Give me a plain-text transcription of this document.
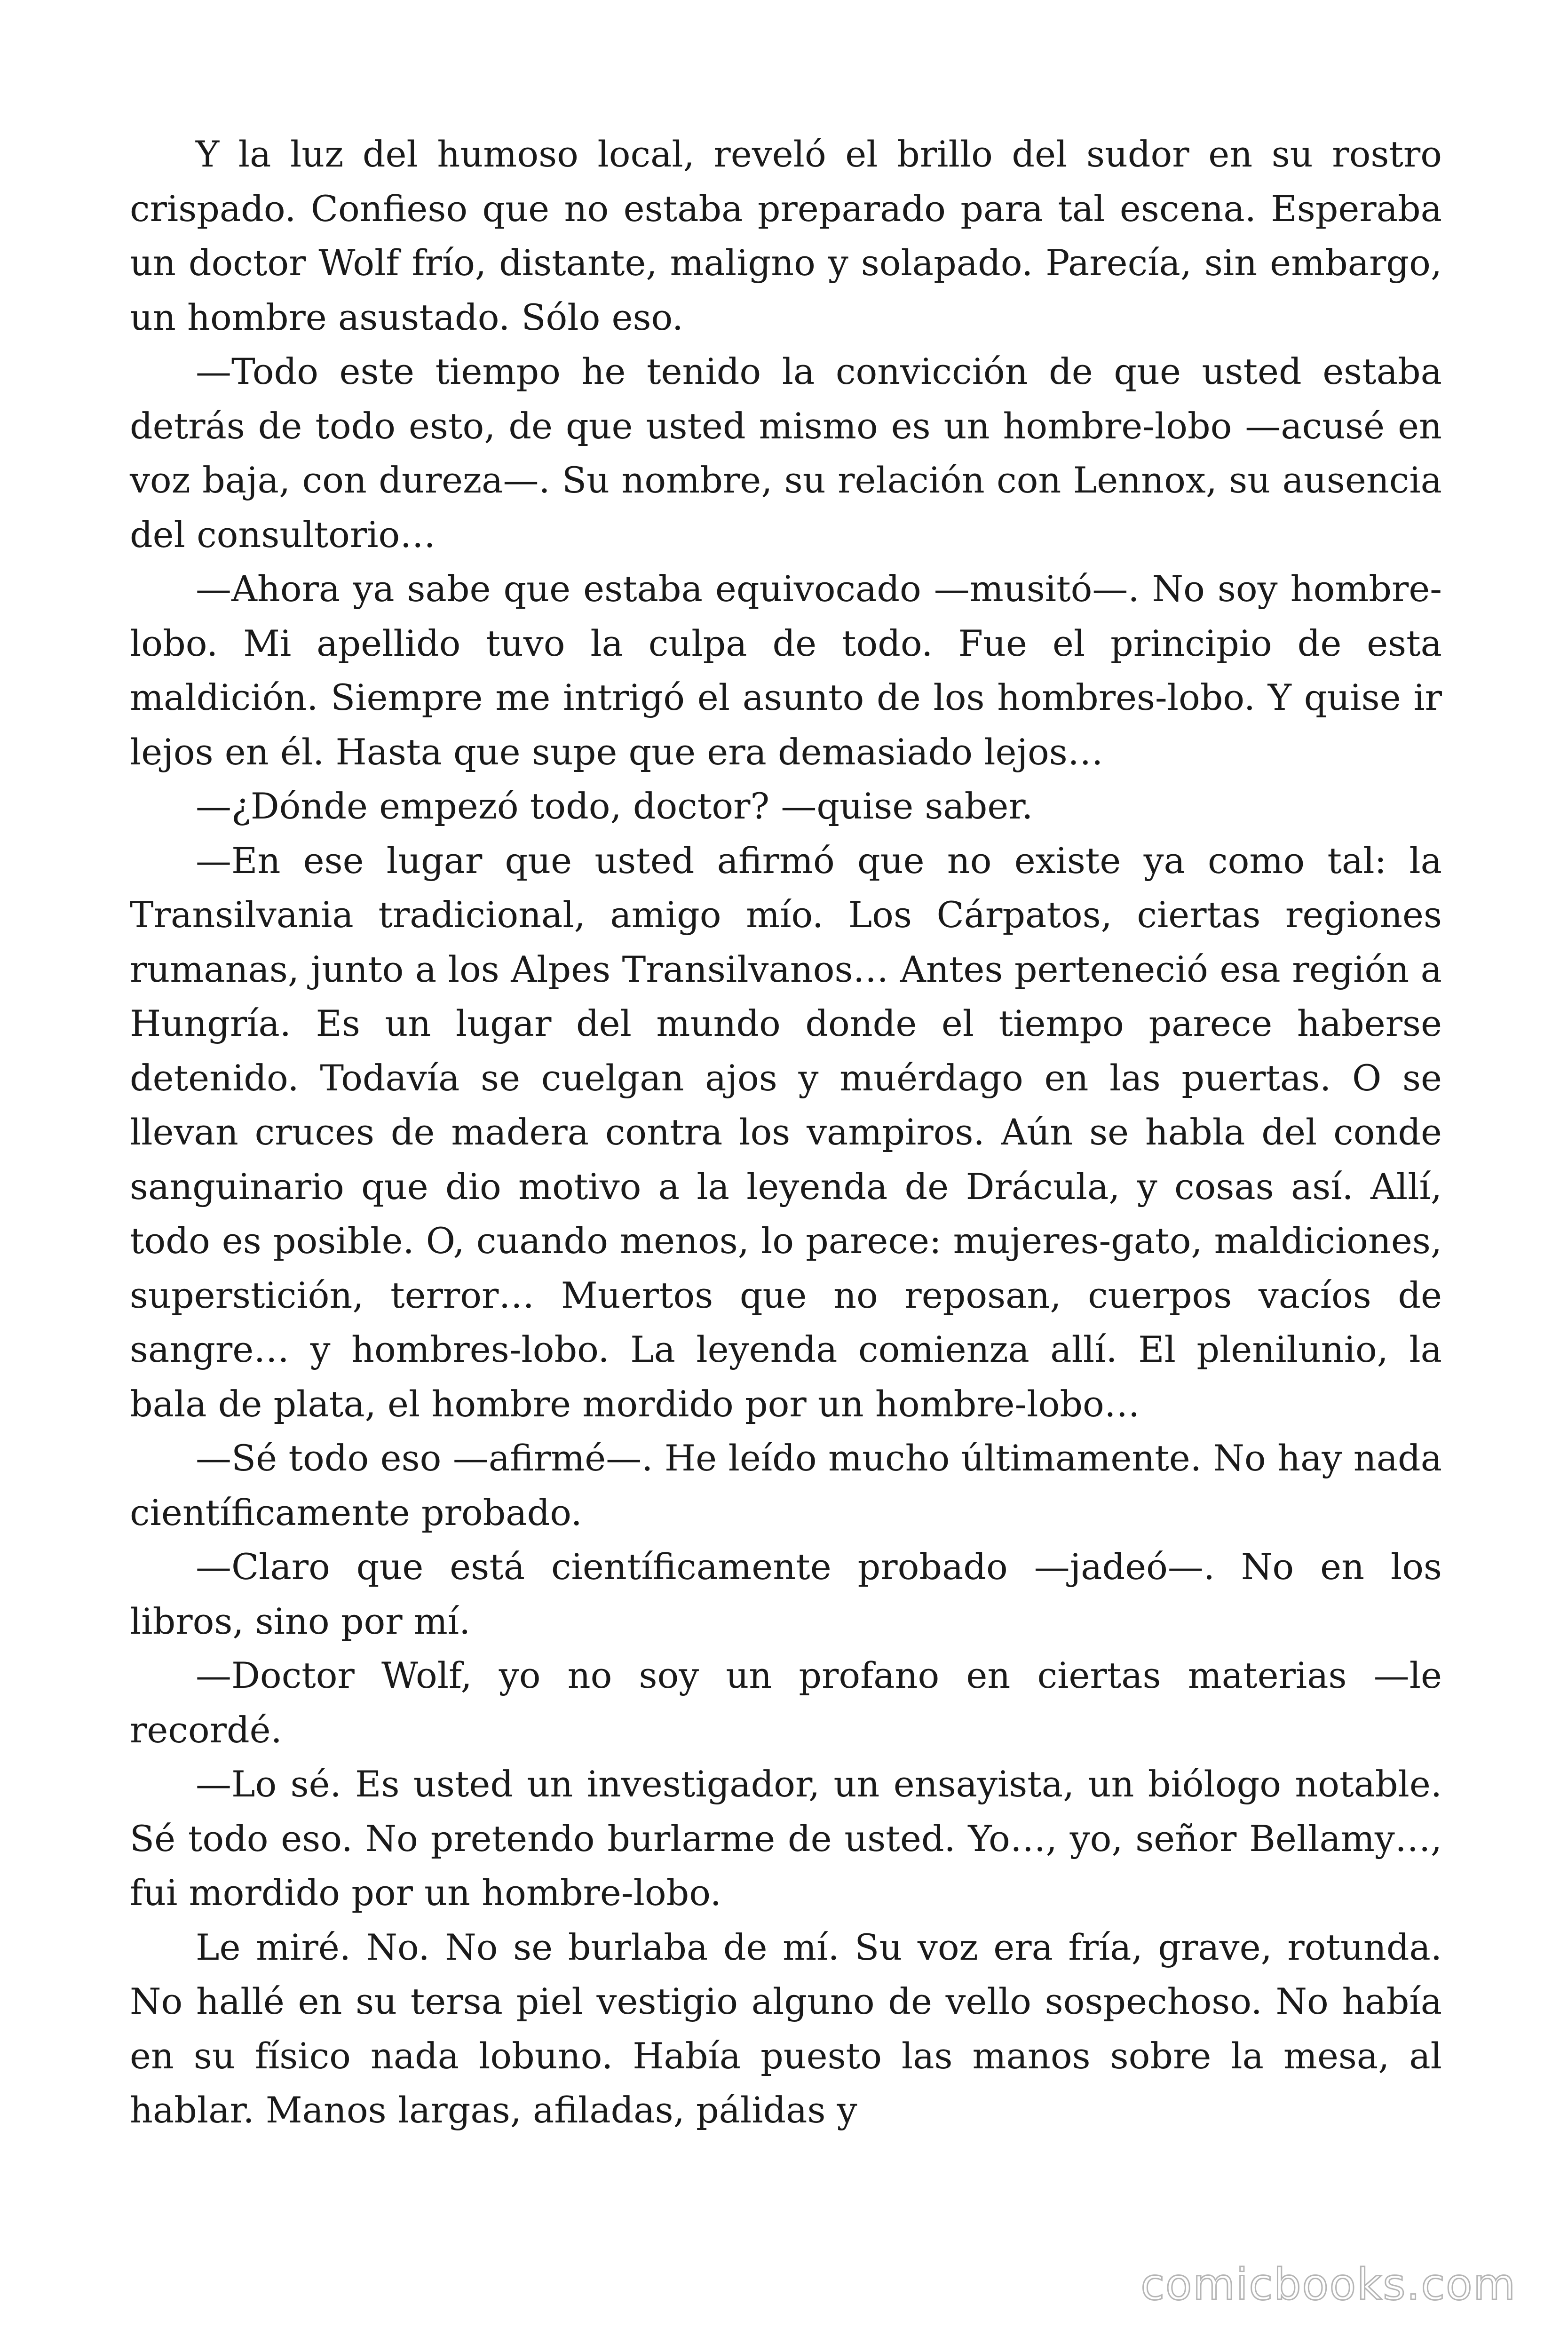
Y la luz del humoso local, reveló el brillo del sudor en su rostro crispado. Confieso que no estaba preparado para tal escena. Esperaba un doctor Wolf frío, distante, maligno y solapado. Parecía, sin embargo, un hombre asustado. Sólo eso.

—Todo este tiempo he tenido la convicción de que usted estaba detrás de todo esto, de que usted mismo es un hombre-lobo —acusé en voz baja, con dureza—. Su nombre, su relación con Lennox, su ausencia del consultorio…

—Ahora ya sabe que estaba equivocado —musitó—. No soy hombre-lobo. Mi apellido tuvo la culpa de todo. Fue el principio de esta maldición. Siempre me intrigó el asunto de los hombres-lobo. Y quise ir lejos en él. Hasta que supe que era demasiado lejos…

—¿Dónde empezó todo, doctor? —quise saber.

—En ese lugar que usted afirmó que no existe ya como tal: la Transilvania tradicional, amigo mío. Los Cárpatos, ciertas regiones rumanas, junto a los Alpes Transilvanos… Antes perteneció esa región a Hungría. Es un lugar del mundo donde el tiempo parece haberse detenido. Todavía se cuelgan ajos y muérdago en las puertas. O se llevan cruces de madera contra los vampiros. Aún se habla del conde sanguinario que dio motivo a la leyenda de Drácula, y cosas así. Allí, todo es posible. O, cuando menos, lo parece: mujeres-gato, maldiciones, superstición, terror… Muertos que no reposan, cuerpos vacíos de sangre… y hombres-lobo. La leyenda comienza allí. El plenilunio, la bala de plata, el hombre mordido por un hombre-lobo…

—Sé todo eso —afirmé—. He leído mucho últimamente. No hay nada científicamente probado.

—Claro que está científicamente probado —jadeó—. No en los libros, sino por mí.

—Doctor Wolf, yo no soy un profano en ciertas materias —le recordé.

—Lo sé. Es usted un investigador, un ensayista, un biólogo notable. Sé todo eso. No pretendo burlarme de usted. Yo…, yo, señor Bellamy…, fui mordido por un hombre-lobo.

Le miré. No. No se burlaba de mí. Su voz era fría, grave, rotunda. No hallé en su tersa piel vestigio alguno de vello sospechoso. No había en su físico nada lobuno. Había puesto las manos sobre la mesa, al hablar. Manos largas, afiladas, pálidas y

comicbooks.com
